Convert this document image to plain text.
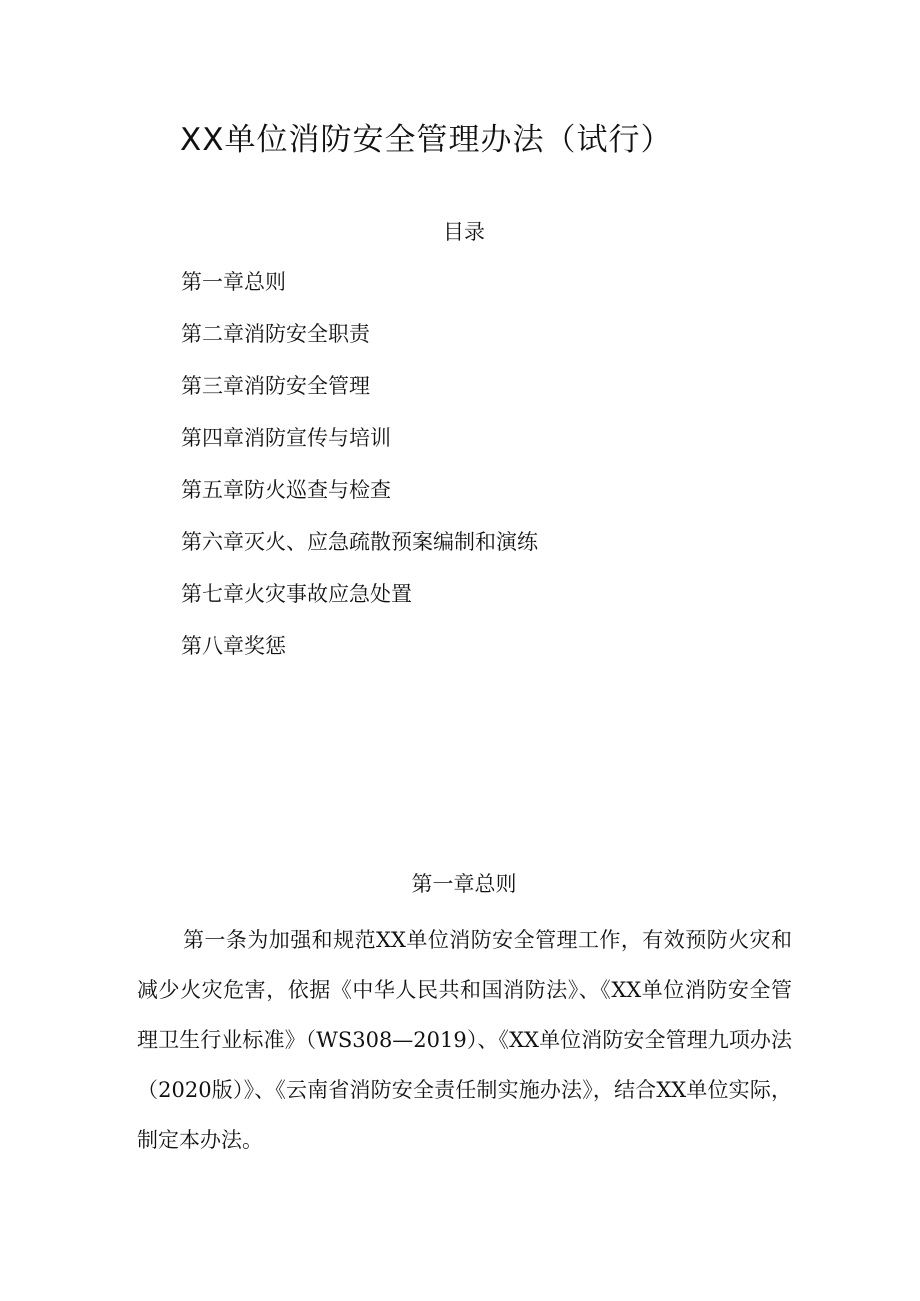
XX单位消防安全管理办法（试行）
目录
第一章总则
第二章消防安全职责
第三章消防安全管理
第四章消防宣传与培训
第五章防火巡查与检查
第六章灭火、应急疏散预案编制和演练
第七章火灾事故应急处置
第八章奖惩
第一章总则

第一条为加强和规范XX单位消防安全管理工作，有效预防火灾和减少火灾危害，依据《中华人民共和国消防法》、《XX单位消防安全管理卫生行业标准》（WS308—2019）、《XX单位消防安全管理九项办法（2020版）》、《云南省消防安全责任制实施办法》，结合XX单位实际，制定本办法。
